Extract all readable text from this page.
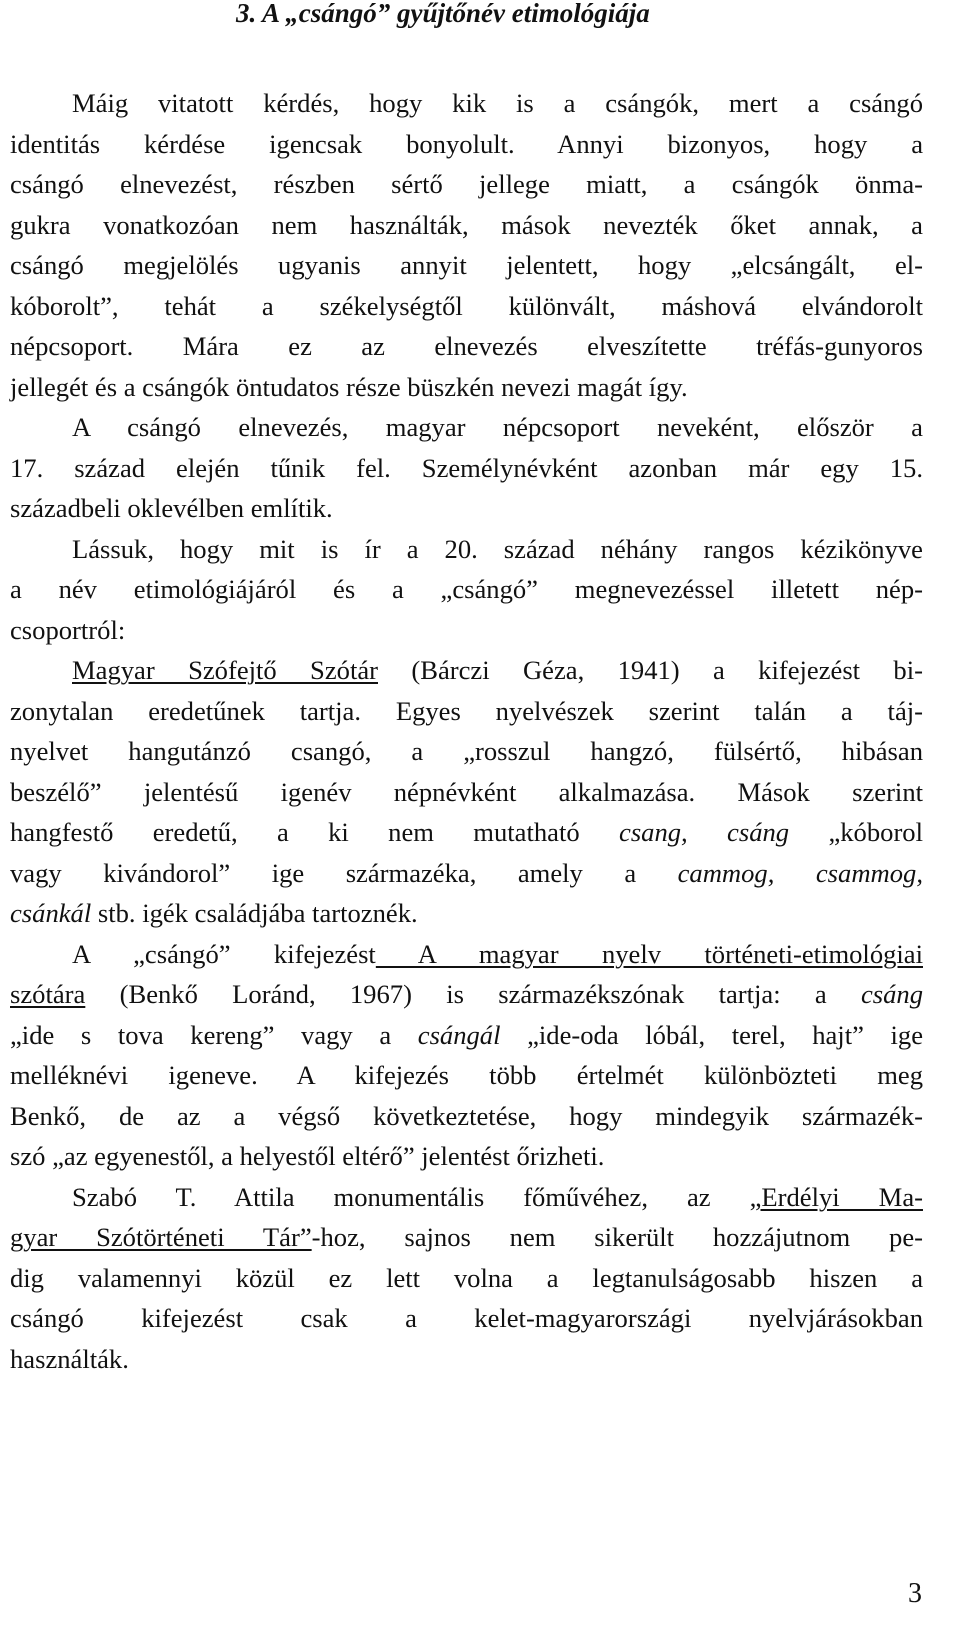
3. A „csángó” gyűjtőnév etimológiája
Máig vitatott kérdés, hogy kik is a csángók, mert a csángó
identitás kérdése igencsak bonyolult. Annyi bizonyos, hogy a
csángó elnevezést, részben sértő jellege miatt, a csángók önma-
gukra vonatkozóan nem használták, mások nevezték őket annak, a
csángó megjelölés ugyanis annyit jelentett, hogy „elcsángált, el-
kóborolt”, tehát a székelységtől különvált, máshová elvándorolt
népcsoport. Mára ez az elnevezés elveszítette tréfás-gunyoros
jellegét és a csángók öntudatos része büszkén nevezi magát így.
A csángó elnevezés, magyar népcsoport neveként, először a
17. század elején tűnik fel. Személynévként azonban már egy 15.
századbeli oklevélben említik.
Lássuk, hogy mit is ír a 20. század néhány rangos kézikönyve
a név etimológiájáról és a „csángó” megnevezéssel illetett nép-
csoportról:
Magyar Szófejtő Szótár (Bárczi Géza, 1941) a kifejezést bi-
zonytalan eredetűnek tartja. Egyes nyelvészek szerint talán a táj-
nyelvet hangutánzó csangó, a „rosszul hangzó, fülsértő, hibásan
beszélő” jelentésű igenév népnévként alkalmazása. Mások szerint
hangfestő eredetű, a ki nem mutatható csang, csáng „kóborol
vagy kivándorol” ige származéka, amely a cammog, csammog,
csánkál stb. igék családjába tartoznék.
A „csángó” kifejezést A magyar nyelv történeti-etimológiai
szótára (Benkő Loránd, 1967) is származékszónak tartja: a csáng
„ide s tova kereng” vagy a csángál „ide-oda lóbál, terel, hajt” ige
melléknévi igeneve. A kifejezés több értelmét különbözteti meg
Benkő, de az a végső következtetése, hogy mindegyik származék-
szó „az egyenestől, a helyestől eltérő” jelentést őrizheti.
Szabó T. Attila monumentális főművéhez, az „Erdélyi Ma-
gyar Szótörténeti Tár”-hoz, sajnos nem sikerült hozzájutnom pe-
dig valamennyi közül ez lett volna a legtanulságosabb hiszen a
csángó kifejezést csak a kelet-magyarországi nyelvjárásokban
használták.
3
